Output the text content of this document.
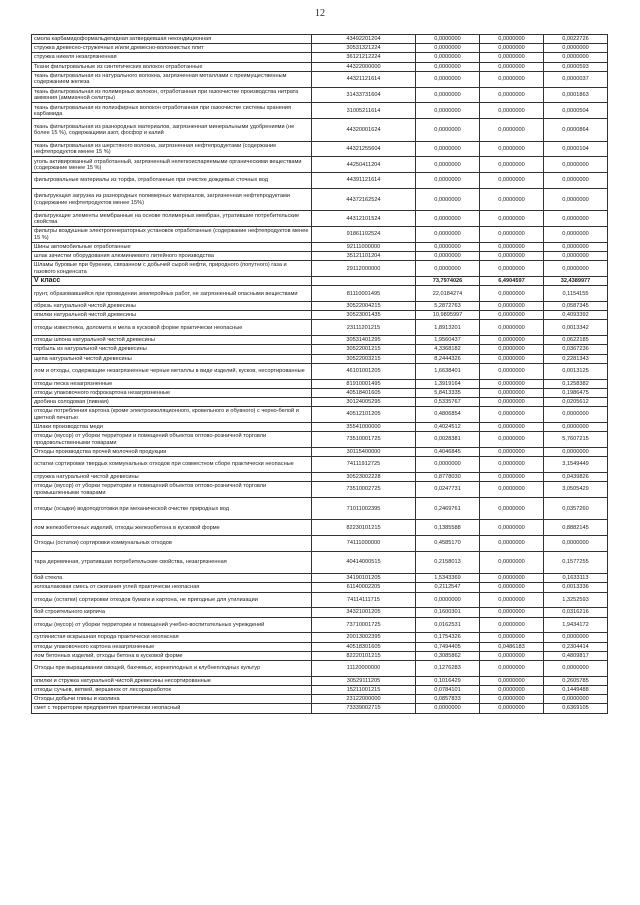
12
смола карбамидоформальдегидная затвердевшая некондиционная	43492201204	0,0000000	0,0000000	0,0022726
стружка древесно-стружечных и/или древесно-волокнистых плит	30531321224	0,0000000	0,0000000	0,0000000
стружка никеля незагрязненная	36121212224	0,0000000	0,0000000	0,0000000
Ткани фильтровальные из синтетических волокон отработанные	44322000000	0,0000000	0,0000000	0,0000593
ткань фильтровальная из натурального волокна, загрязненная металлами с преимущественным содержанием железа	44321121614	0,0000000	0,0000000	0,0000037
ткань фильтровальная из полимерных волокон, отработанная при газоочистке производства нитрата аммония (аммиачной селитры)	31433731604	0,0000000	0,0000000	0,0001863
ткань фильтровальная из полиэфирных волокон отработанная при газоочистке системы хранения карбамида	31005211614	0,0000000	0,0000000	0,0000504
ткань фильтровальная из разнородных материалов, загрязненная минеральными удобрениями (не более 15 %), содержащими азот, фосфор и калий	44320001624	0,0000000	0,0000000	0,0000864
ткань фильтровальная из шерстяного волокна, загрязненная нефтепродуктами (содержание нефтепродуктов менее 15 %)	44321255604	0,0000000	0,0000000	0,0000104
уголь активированный отработанный, загрязненный нелегкоиспаряемыми органическими веществами (содержание менее 15 %)	44250411204	0,0000000	0,0000000	0,0000000
фильтровальные материалы из торфа, отработанные при очистке дождевых сточных вод	44391121614	0,0000000	0,0000000	0,0000000
фильтрующая загрузка из разнородных полимерных материалов, загрязненная нефтепродуктами (содержание нефтепродуктов менее 15%)	44372162524	0,0000000	0,0000000	0,0000000
фильтрующие элементы мембранные на основе полимерных мембран, утратившие потребительские свойства	44312101524	0,0000000	0,0000000	0,0000000
фильтры воздушные электрогенераторных установок отработанные (содержание нефтепродуктов менее 15 %)	91861102524	0,0000000	0,0000000	0,0000000
Шины автомобильные отработанные	92111000000	0,0000000	0,0000000	0,0000000
шлак зачистки оборудования алюминиевого литейного производства	35121101204	0,0000000	0,0000000	0,0000000
Шламы буровые при бурении, связанном с добычей сырой нефти, природного (попутного) газа и газового конденсата	29112000000	0,0000000	0,0000000	0,0000000
V класс		73,7974026	6,4904597	32,4389977
грунт, образовавшийся при проведении землеройных работ, не загрязненный опасными веществами	81110001495	22,0184274	0,0000000	0,1154155
обрезь натуральной чистой древесины	30522004215	5,2872763	0,0000000	0,0587345
опилки натуральной чистой древесины	30523001435	10,9895997	0,0000000	0,4093392
отходы известняка, доломита и мела в кусковой форме практически неопасные	23111201215	1,8913201	0,0000000	0,0013342
отходы шпона натуральной чистой древесины	30531401295	1,9560437	0,0000000	0,0622185
горбыль из натуральной чистой древесины	30522001215	4,3368182	0,0000000	0,0367236
щепа натуральной чистой древесины	30522003215	8,2444326	0,0000000	0,2281343
лом и отходы, содержащие незагрязненные черные металлы в виде изделий, кусков, несортированные	46101001205	1,6638401	0,0000000	0,0013125
отходы песка незагрязненные	81910001495	1,3919164	0,0000000	0,1258382
отходы упаковочного гофрокартона незагрязненные	40518401605	5,8413335	0,0000000	0,1986475
дробина солодовая (пивная)	30124005295	0,5335767	0,0000000	0,0205612
отходы потребления картона (кроме электроизоляционного, кровельного и обувного) с черно-белой и цветной печатью	40512101205	0,4806854	0,0000000	0,0000000
Шлаки производства меди	35541000000	0,4024512	0,0000000	0,0000000
отходы (мусор) от уборки территории и помещений объектов оптово-розничной торговли продовольственными товарами	73510001725	0,0028381	0,0000000	5,7607215
Отходы производства прочей молочной продукции	30115400000	0,4046845	0,0000000	0,0000000
остатки сортировки твердых коммунальных отходов при совместном сборе практически неопасные	74111912725	0,0000000	0,0000000	3,1549449
стружка натуральной чистой древесины	30523002228	0,8778030	0,0000000	0,0439826
отходы (мусор) от уборки территории и помещений объектов оптово-розничной торговли промышленными товарами	73510002725	0,0247731	0,0000000	3,0505429
отходы (осадки) водоподготовки при механической очистке природных вод	71011002395	0,2469761	0,0000000	0,0357260
лом железобетонных изделий, отходы железобетона в кусковой форме	82230101215	0,1385588	0,0000000	0,8882145
Отходы (остатки) сортировки коммунальных отходов	74111000000	0,4585170	0,0000000	0,0000000
тара деревянная, утратившая потребительские свойства, незагрязненная	40414000515	0,2158013	0,0000000	0,1577255
бой стекла	34190101205	1,5343369	0,0000000	0,1633113
золошлаковая смесь от сжигания углей практически неопасная	61140002205	0,2112547	0,0000000	0,0013336
отходы (остатки) сортировки отходов бумаги и картона, не пригодные для утилизации	74114111715	0,0000000	0,0000000	1,3252593
бой строительного кирпича	34321001205	0,1600301	0,0000000	0,0316216
отходы (мусор) от уборки территории и помещений учебно-воспитательных учреждений	73710001725	0,0162531	0,0000000	1,9434172
суглинистая вскрышная порода практически неопасная	20013002395	0,1754326	0,0000000	0,0000000
отходы упаковочного картона незагрязненные	40518301605	0,7494405	0,0486183	0,2304414
лом бетонных изделий, отходы бетона в кусковой форме	82220101215	0,3085862	0,0000000	0,4809817
Отходы при выращивании овощей, бахчевых, корнеплодных и клубнеплодных культур	11120000000	0,1276283	0,0000000	0,0000000
опилки и стружка натуральной чистой древесины несортированные	30529111205	0,1016429	0,0000000	0,2605785
отходы сучьев, ветвей, вершинок от лесоразработок	15211001215	0,0784101	0,0000000	0,1449488
Отходы добычи глины и каолина	23122000000	0,0857833	0,0000000	0,0000000
смет с территории предприятия практически неопасный	73339002715	0,0000000	0,0000000	0,6369105
